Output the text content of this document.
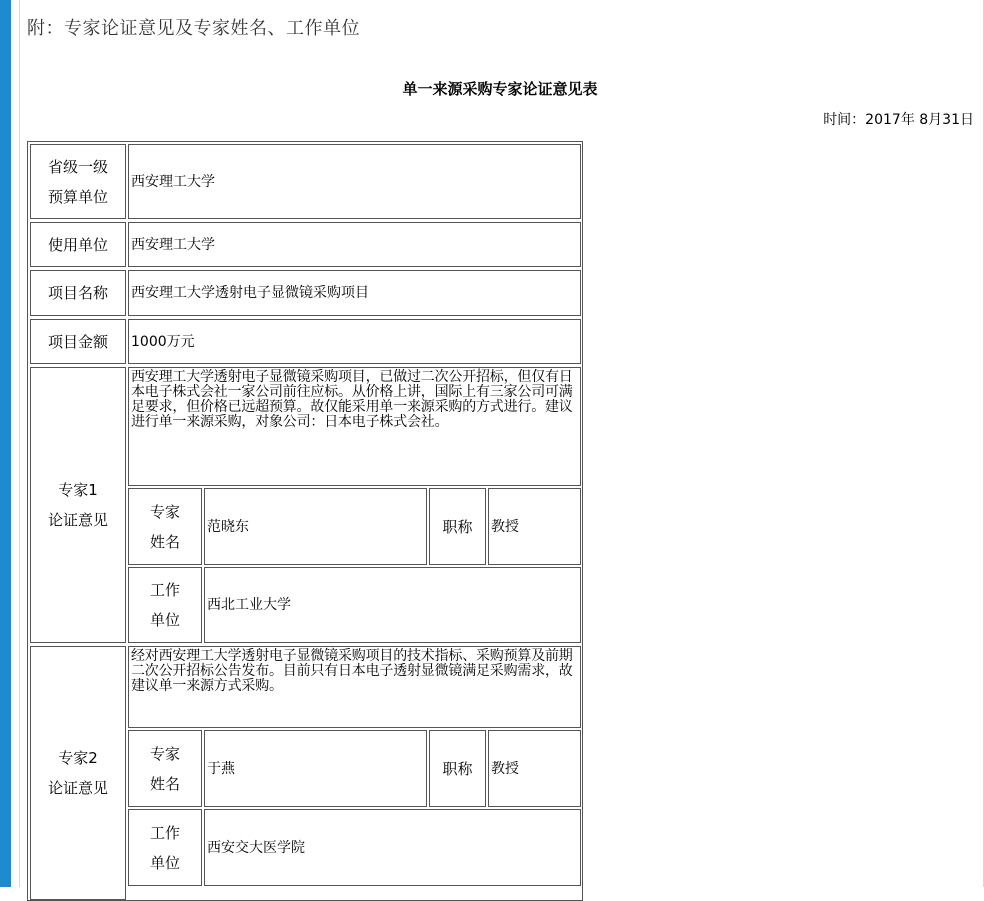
附：专家论证意见及专家姓名、工作单位
单一来源采购专家论证意见表
时间：2017年 8月31日
省级一级
预算单位
西安理工大学
使用单位 西安理工大学
项目名称 西安理工大学透射电子显微镜采购项目
项目金额 1000万元
专家1
论证意见
西安理工大学透射电子显微镜采购项目，已做过二次公开招标，但仅有日本电子株式会社一家公司前往应标。从价格上讲，国际上有三家公司可满足要求，但价格已远超预算。故仅能采用单一来源采购的方式进行。建议进行单一来源采购，对象公司：日本电子株式会社。
专家
姓名
范晓东	职称 教授
工作
单位
西北工业大学
专家2
论证意见
经对西安理工大学透射电子显微镜采购项目的技术指标、采购预算及前期二次公开招标公告发布。目前只有日本电子透射显微镜满足采购需求，故建议单一来源方式采购。
专家
姓名
于燕	职称 教授
工作
单位
西安交大医学院
